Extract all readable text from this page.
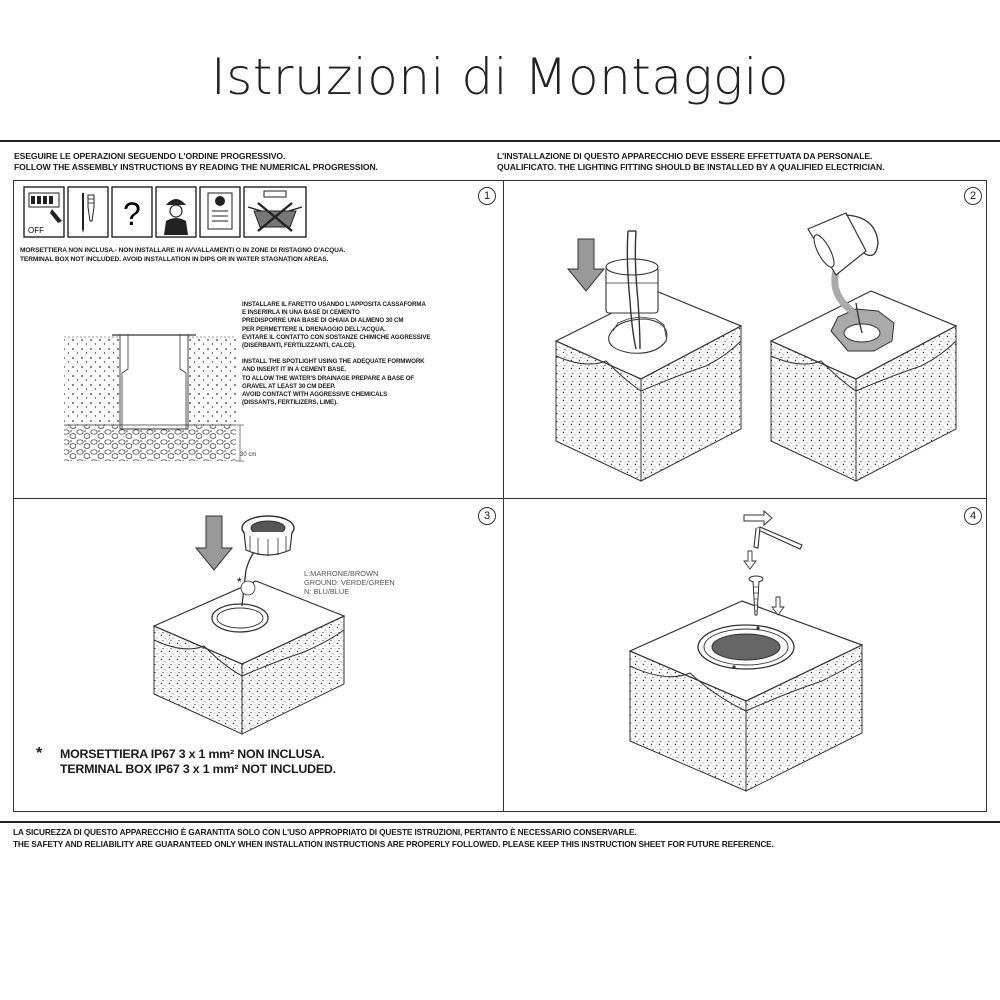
Istruzioni di Montaggio
ESEGUIRE LE OPERAZIONI SEGUENDO L'ORDINE PROGRESSIVO.
FOLLOW THE ASSEMBLY INSTRUCTIONS BY READING THE NUMERICAL PROGRESSION.
L'INSTALLAZIONE DI QUESTO APPARECCHIO DEVE ESSERE EFFETTUATA DA PERSONALE.
QUALIFICATO. THE LIGHTING FITTING SHOULD BE INSTALLED BY A QUALIFIED ELECTRICIAN.
1	2
3	4
OFF ?
MORSETTIERA NON INCLUSA.- NON INSTALLARE IN AVVALLAMENTI O IN ZONE DI RISTAGNO D'ACQUA.
TERMINAL BOX NOT INCLUDED. AVOID INSTALLATION IN DIPS OR IN WATER STAGNATION AREAS.
INSTALLARE IL FARETTO USANDO L'APPOSITA CASSAFORMA
E INSERIRLA IN UNA BASE DI CEMENTO
PREDISPORRE UNA BASE DI GHIAIA DI ALMENO 30 CM
PER PERMETTERE IL DRENAGGIO DELL'ACQUA.
EVITARE IL CONTATTO CON SOSTANZE CHIMICHE AGGRESSIVE
(DISERBANTI, FERTILIZZANTI, CALCE).
INSTALL THE SPOTLIGHT USING THE ADEQUATE FORMWORK
AND INSERT IT IN A CEMENT BASE.
TO ALLOW THE WATER'S DRAINAGE PREPARE A BASE OF
GRAVEL AT LEAST 30 CM DEEP.
AVOID CONTACT WITH AGGRESSIVE CHEMICALS
(DISSANTS, FERTILIZERS, LIME).
30 cm
*
L:MARRONE/BROWN
GROUND: VERDE/GREEN
N: BLU/BLUE
* MORSETTIERA IP67 3 x 1 mm² NON INCLUSA.
TERMINAL BOX IP67 3 x 1 mm² NOT INCLUDED.
LA SICUREZZA DI QUESTO APPARECCHIO È GARANTITA SOLO CON L'USO APPROPRIATO DI QUESTE ISTRUZIONI, PERTANTO È NECESSARIO CONSERVARLE.
THE SAFETY AND RELIABILITY ARE GUARANTEED ONLY WHEN INSTALLATION INSTRUCTIONS ARE PROPERLY FOLLOWED. PLEASE KEEP THIS INSTRUCTION SHEET FOR FUTURE REFERENCE.
